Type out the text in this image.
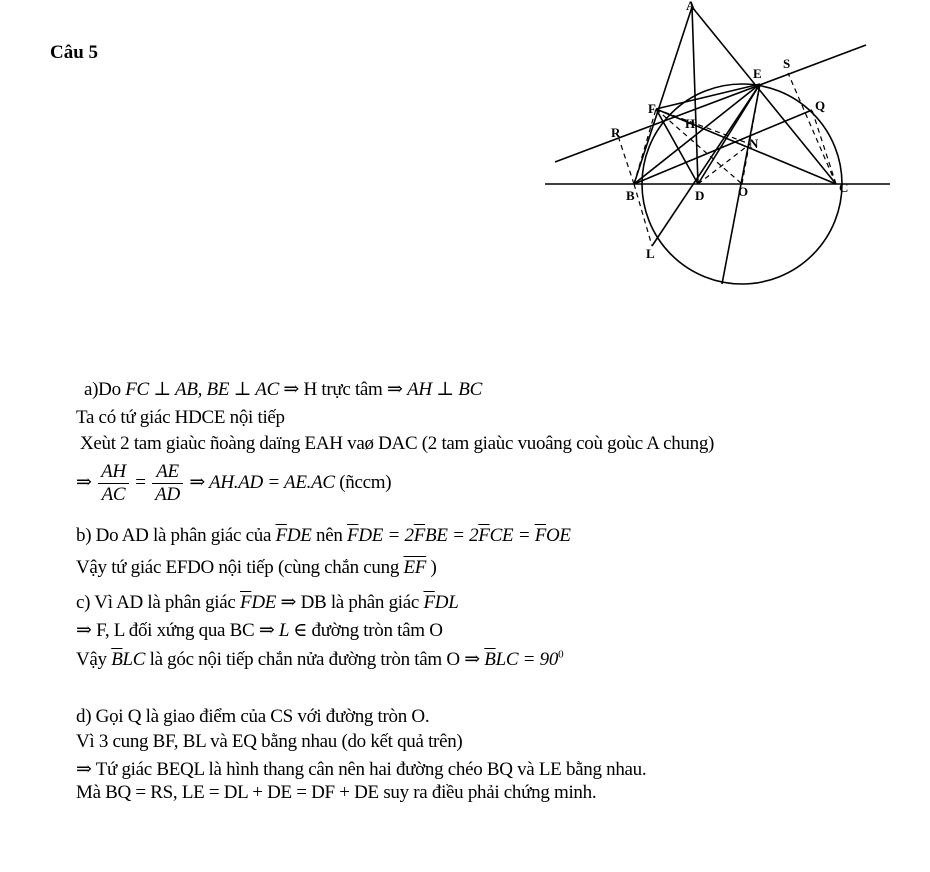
Câu 5
A
E
S
Q
F
H
R
N
B	D	O	C
L
a)Do FC ⊥ AB, BE ⊥ AC ⇒ H trực tâm ⇒ AH ⊥ BC
Ta có tứ giác HDCE nội tiếp
Xeùt 2 tam giaùc ñoàng daïng EAH vaø DAC (2 tam giaùc vuoâng coù goùc A chung)
⇒ $\frac{AH}{AC} = \frac{AE}{AD}$ ⇒ AH.AD = AE.AC (ñccm)
b) Do AD là phân giác của $\overline{F}DE$ nên $\overline{F}DE = 2\overline{F}BE = 2\overline{F}CE = \overline{F}OE$
Vậy tứ giác EFDO nội tiếp (cùng chắn cung $\overline{EF}$ )
c) Vì AD là phân giác $\overline{F}DE$ ⇒ DB là phân giác $\overline{F}DL$
⇒ F, L đối xứng qua BC ⇒ L ∈ đường tròn tâm O
Vậy $\overline{B}LC$ là góc nội tiếp chắn nửa đường tròn tâm O ⇒ $\overline{B}LC = 90^0$
d) Gọi Q là giao điểm của CS với đường tròn O.
Vì 3 cung BF, BL và EQ bằng nhau (do kết quả trên)
⇒ Tứ giác BEQL là hình thang cân nên hai đường chéo BQ và LE bằng nhau.
Mà BQ = RS, LE = DL + DE = DF + DE suy ra điều phải chứng minh.
